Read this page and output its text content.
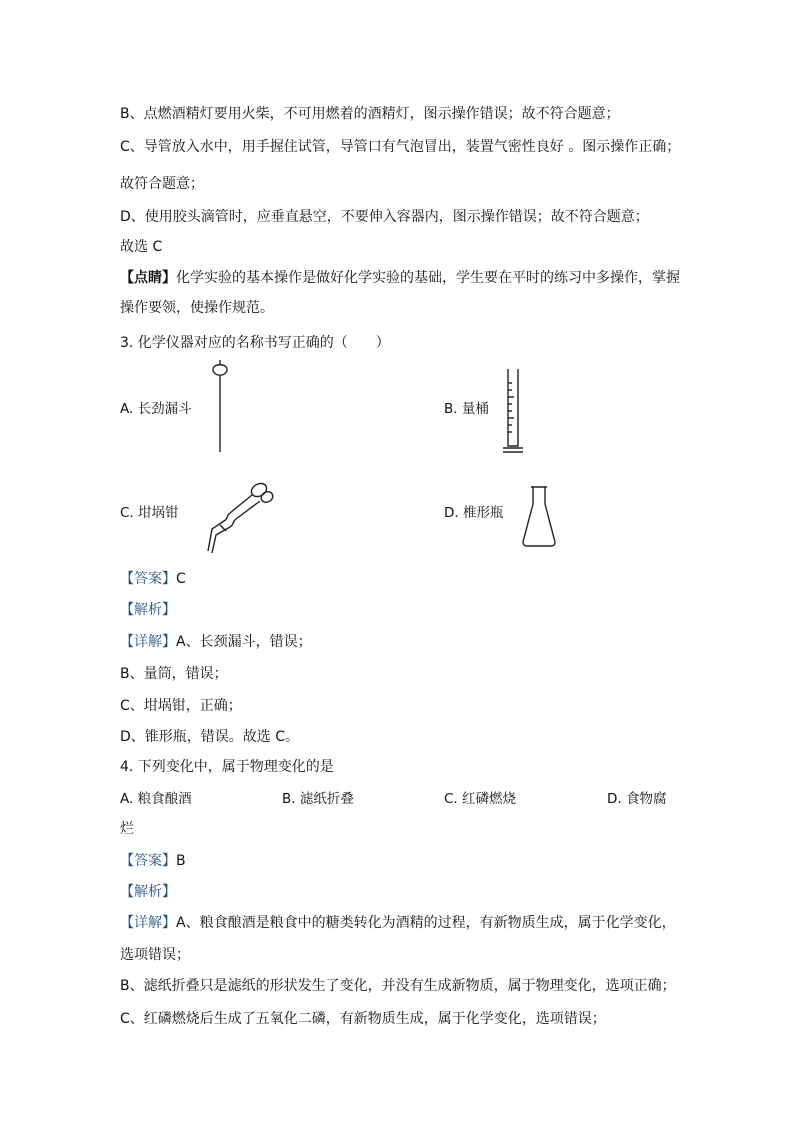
B、点燃酒精灯要用火柴，不可用燃着的酒精灯，图示操作错误；故不符合题意；
C、导管放入水中，用手握住试管，导管口有气泡冒出，装置气密性良好 。图示操作正确；
故符合题意；
D、使用胶头滴管时，应垂直悬空，不要伸入容器内，图示操作错误；故不符合题意；
故选 C
【点睛】化学实验的基本操作是做好化学实验的基础，学生要在平时的练习中多操作，掌握
操作要领，使操作规范。
3. 化学仪器对应的名称书写正确的（　　）
A. 长劲漏斗	B. 量桶
C. 坩埚钳	D. 椎形瓶
【答案】C
【解析】
【详解】A、长颈漏斗，错误；
B、量筒，错误；
C、坩埚钳，正确；
D、锥形瓶，错误。故选 C。
4. 下列变化中，属于物理变化的是
A. 粮食酿酒	B. 滤纸折叠	C. 红磷燃烧	D. 食物腐
烂
【答案】B
【解析】
【详解】A、粮食酿酒是粮食中的糖类转化为酒精的过程，有新物质生成，属于化学变化，
选项错误；
B、滤纸折叠只是滤纸的形状发生了变化，并没有生成新物质，属于物理变化，选项正确；
C、红磷燃烧后生成了五氧化二磷，有新物质生成，属于化学变化，选项错误；
